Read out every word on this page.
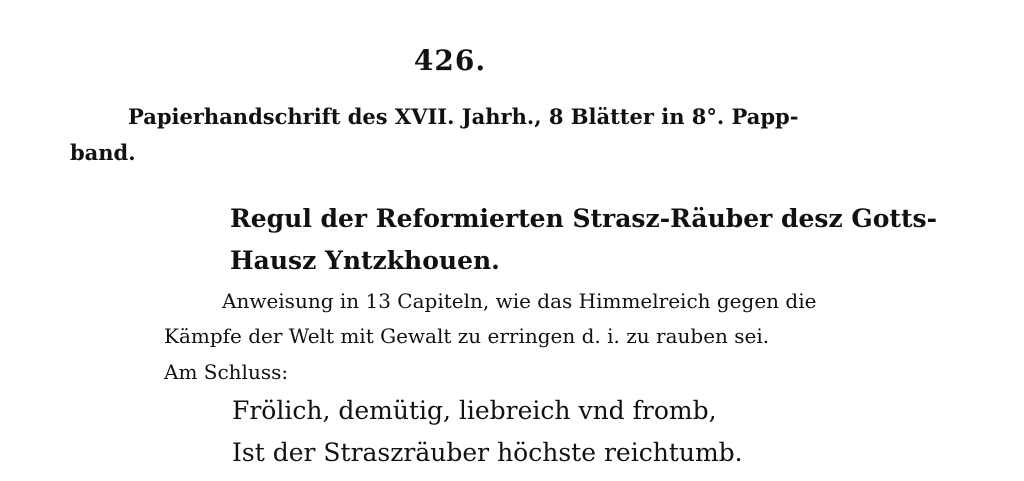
426.
Papierhandschrift des XVII. Jahrh., 8 Blätter in 8°. Papp-
band.
Regul der Reformierten Strasz-Räuber desz Gotts-
Hausz Yntzkhouen.
Anweisung in 13 Capiteln, wie das Himmelreich gegen die
Kämpfe der Welt mit Gewalt zu erringen d. i. zu rauben sei.
Am Schluss:
Frölich, demütig, liebreich vnd fromb,
Ist der Straszräuber höchste reichtumb.
